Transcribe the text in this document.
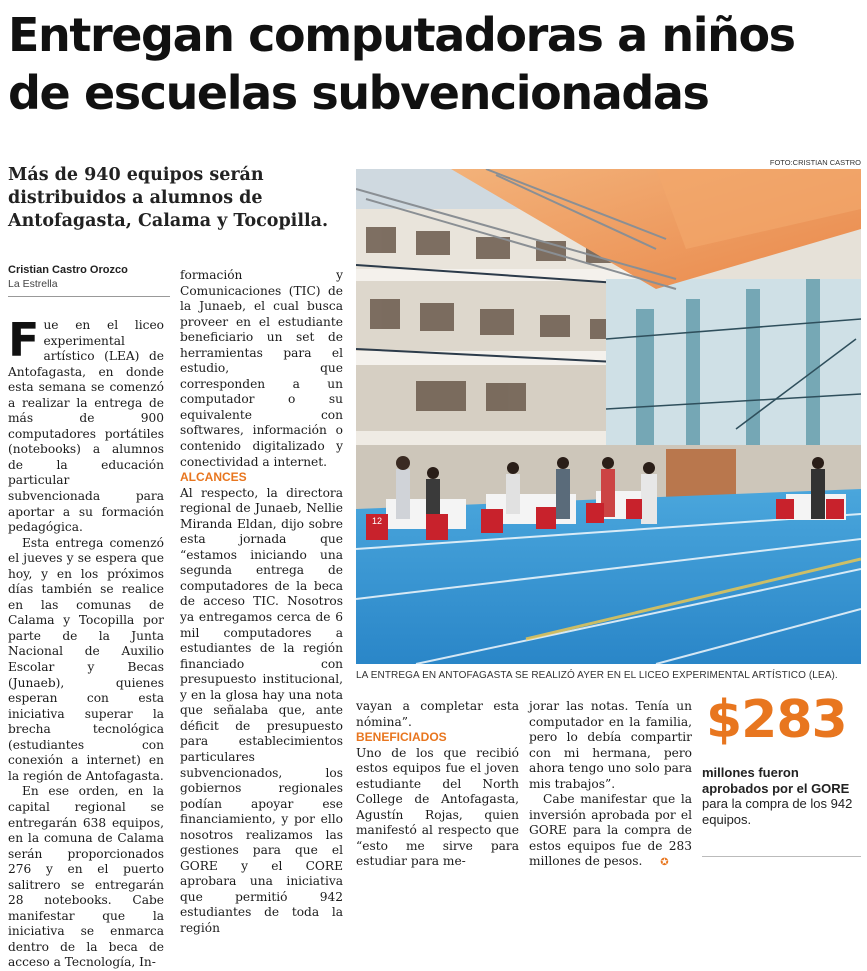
Entregan computadoras a niños
de escuelas subvencionadas
Más de 940 equipos serán distribuidos a alumnos de Antofagasta, Calama y Tocopilla.
Cristian Castro Orozco
La Estrella

Fue en el liceo experimental artístico (LEA) de Antofagasta, en donde esta semana se comenzó a realizar la entrega de más de 900 computadores portátiles (notebooks) a alumnos de la educación particular subvencionada para aportar a su formación pedagógica.

Esta entrega comenzó el jueves y se espera que hoy, y en los próximos días también se realice en las comunas de Calama y Tocopilla por parte de la Junta Nacional de Auxilio Escolar y Becas (Junaeb), quienes esperan con esta iniciativa superar la brecha tecnológica (estudiantes con conexión a internet) en la región de Antofagasta.

En ese orden, en la capital regional se entregarán 638 equipos, en la comuna de Calama serán proporcionados 276 y en el puerto salitrero se entregarán 28 notebooks. Cabe manifestar que la iniciativa se enmarca dentro de la beca de acceso a Tecnología, In-

formación y Comunicaciones (TIC) de la Junaeb, el cual busca proveer en el estudiante beneficiario un set de herramientas para el estudio, que corresponden a un computador o su equivalente con softwares, información o contenido digitalizado y conectividad a internet.

ALCANCES

Al respecto, la directora regional de Junaeb, Nellie Miranda Eldan, dijo sobre esta jornada que “estamos iniciando una segunda entrega de computadores de la beca de acceso TIC. Nosotros ya entregamos cerca de 6 mil computadores a estudiantes de la región financiado con presupuesto institucional, y en la glosa hay una nota que señalaba que, ante déficit de presupuesto para establecimientos particulares subvencionados, los gobiernos regionales podían apoyar ese financiamiento, y por ello nosotros realizamos las gestiones para que el GORE y el CORE aprobara una iniciativa que permitió 942 estudiantes de toda la región

vayan a completar esta nómina”.

BENEFICIADOS

Uno de los que recibió estos equipos fue el joven estudiante del North College de Antofagasta, Agustín Rojas, quien manifestó al respecto que “esto me sirve para estudiar para me-

jorar las notas. Tenía un computador en la familia, pero lo debía compartir con mi hermana, pero ahora tengo uno solo para mis trabajos”.

Cabe manifestar que la inversión aprobada por el GORE para la compra de estos equipos fue de 283 millones de pesos. ✪

FOTO:CRISTIAN CASTRO
12
LA ENTREGA EN ANTOFAGASTA SE REALIZÓ AYER EN EL LICEO EXPERIMENTAL ARTÍSTICO (LEA).
$283
millones fueron aprobados por el GORE para la compra de los 942 equipos.
